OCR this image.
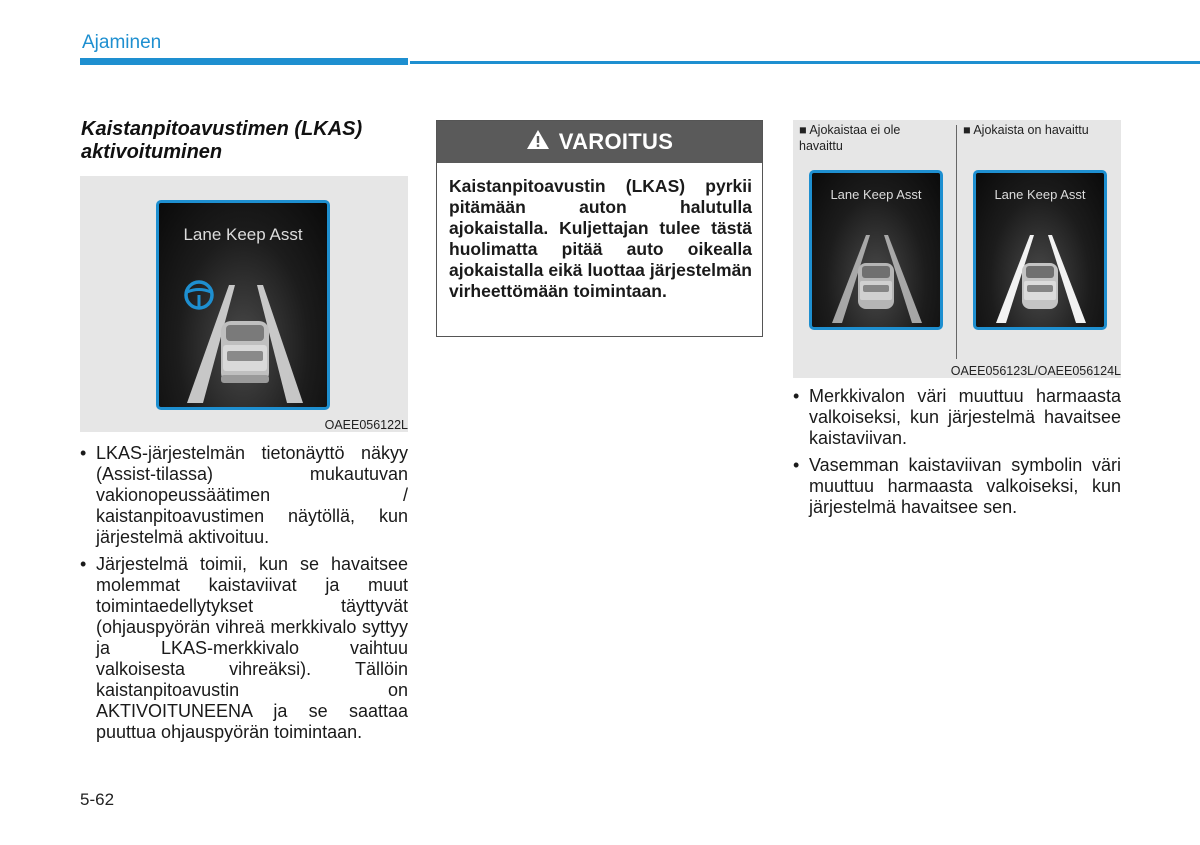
Ajaminen
Kaistanpitoavustimen (LKAS) aktivoituminen
Lane Keep Asst
OAEE056122L
• LKAS-järjestelmän tietonäyttö näkyy (Assist-tilassa) mukautuvan vakionopeussäätimen / kaistanpitoavustimen näytöllä, kun järjestelmä aktivoituu.
• Järjestelmä toimii, kun se havaitsee molemmat kaistaviivat ja muut toimintaedellytykset täyttyvät (ohjauspyörän vihreä merkkivalo syttyy ja LKAS-merkkivalo vaihtuu valkoisesta vihreäksi). Tällöin kaistanpitoavustin on AKTIVOITUNEENA ja se saattaa puuttua ohjauspyörän toimintaan.
VAROITUS
Kaistanpitoavustin (LKAS) pyrkii pitämään auton halutulla ajokaistalla. Kuljettajan tulee tästä huolimatta pitää auto oikealla ajokaistalla eikä luottaa järjestelmän virheettömään toimintaan.
■ Ajokaistaa ei ole havaittu
■ Ajokaista on havaittu
Lane Keep Asst	Lane Keep Asst
OAEE056123L/OAEE056124L
• Merkkivalon väri muuttuu harmaasta valkoiseksi, kun järjestelmä havaitsee kaistaviivan.
• Vasemman kaistaviivan symbolin väri muuttuu harmaasta valkoiseksi, kun järjestelmä havaitsee sen.
5-62
